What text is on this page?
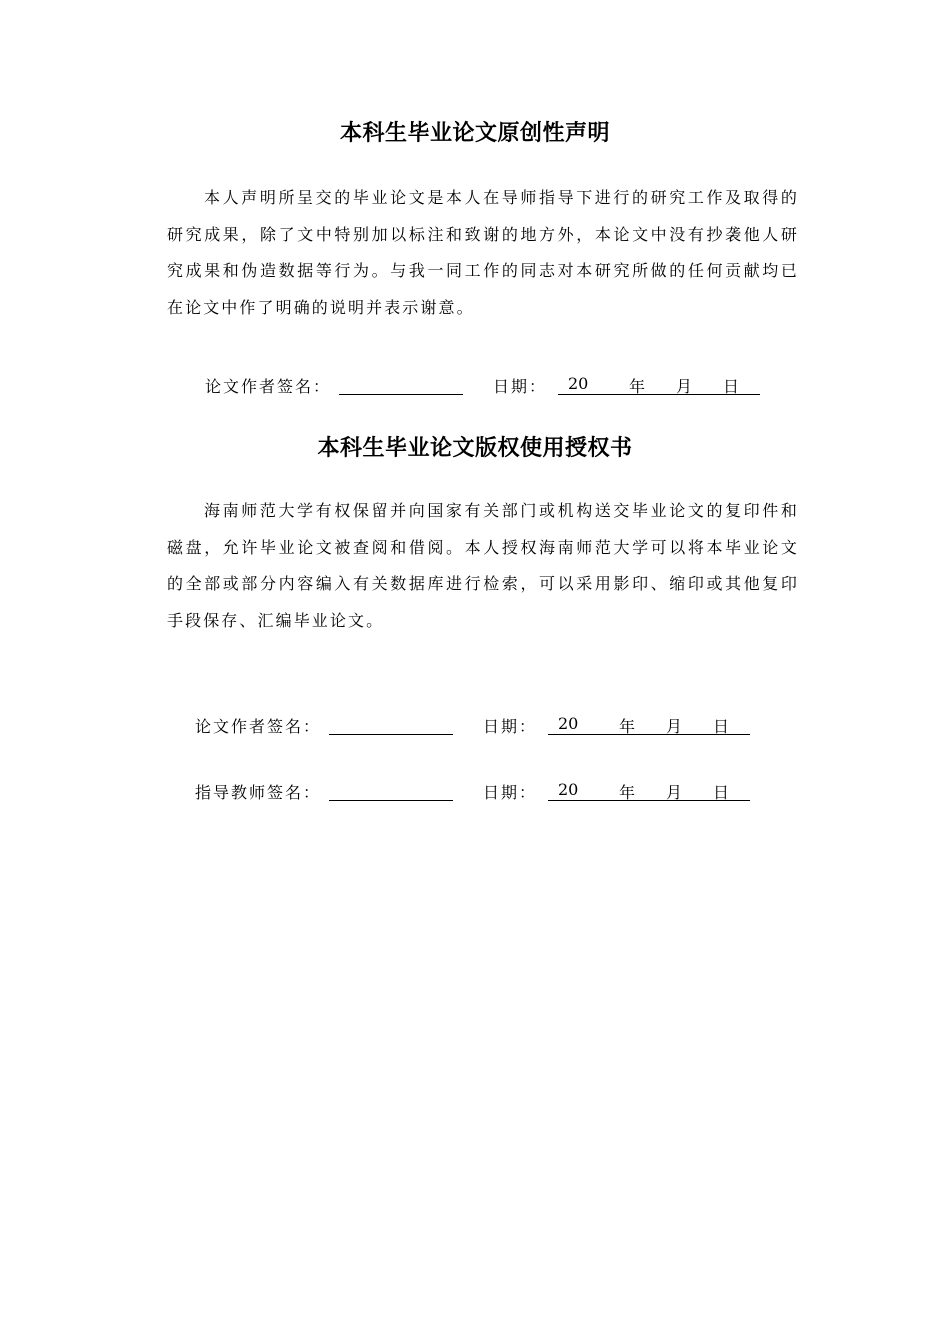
本科生毕业论文原创性声明

本人声明所呈交的毕业论文是本人在导师指导下进行的研究工作及取得的研究成果，除了文中特别加以标注和致谢的地方外，本论文中没有抄袭他人研究成果和伪造数据等行为。与我一同工作的同志对本研究所做的任何贡献均已在论文中作了明确的说明并表示谢意。

论文作者签名：	日期： 20	年 月 日
本科生毕业论文版权使用授权书

海南师范大学有权保留并向国家有关部门或机构送交毕业论文的复印件和磁盘，允许毕业论文被查阅和借阅。本人授权海南师范大学可以将本毕业论文的全部或部分内容编入有关数据库进行检索，可以采用影印、缩印或其他复印手段保存、汇编毕业论文。

论文作者签名：	日期： 20	年 月 日
指导教师签名：	日期： 20	年 月 日
